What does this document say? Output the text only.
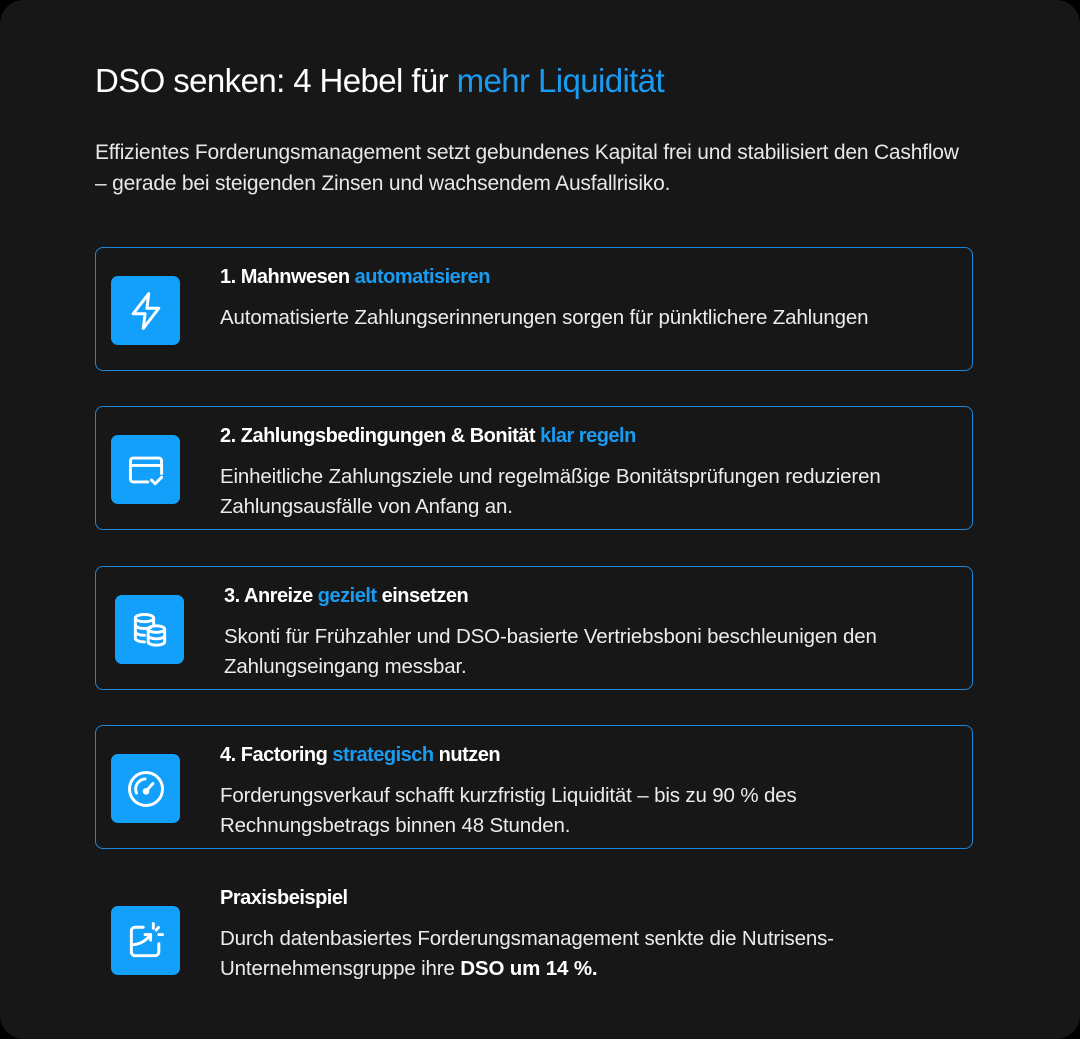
DSO senken: 4 Hebel für mehr Liquidität

Effizientes Forderungsmanagement setzt gebundenes Kapital frei und stabilisiert den Cashflow – gerade bei steigenden Zinsen und wachsendem Ausfallrisiko.

1. Mahnwesen automatisieren

Automatisierte Zahlungserinnerungen sorgen für pünktlichere Zahlungen

2. Zahlungsbedingungen & Bonität klar regeln

Einheitliche Zahlungsziele und regelmäßige Bonitätsprüfungen reduzieren Zahlungsausfälle von Anfang an.

3. Anreize gezielt einsetzen

Skonti für Frühzahler und DSO-basierte Vertriebsboni beschleunigen den Zahlungseingang messbar.

4. Factoring strategisch nutzen

Forderungsverkauf schafft kurzfristig Liquidität – bis zu 90 % des Rechnungsbetrags binnen 48 Stunden.

Praxisbeispiel

Durch datenbasiertes Forderungsmanagement senkte die Nutrisens-Unternehmensgruppe ihre DSO um 14 %.
